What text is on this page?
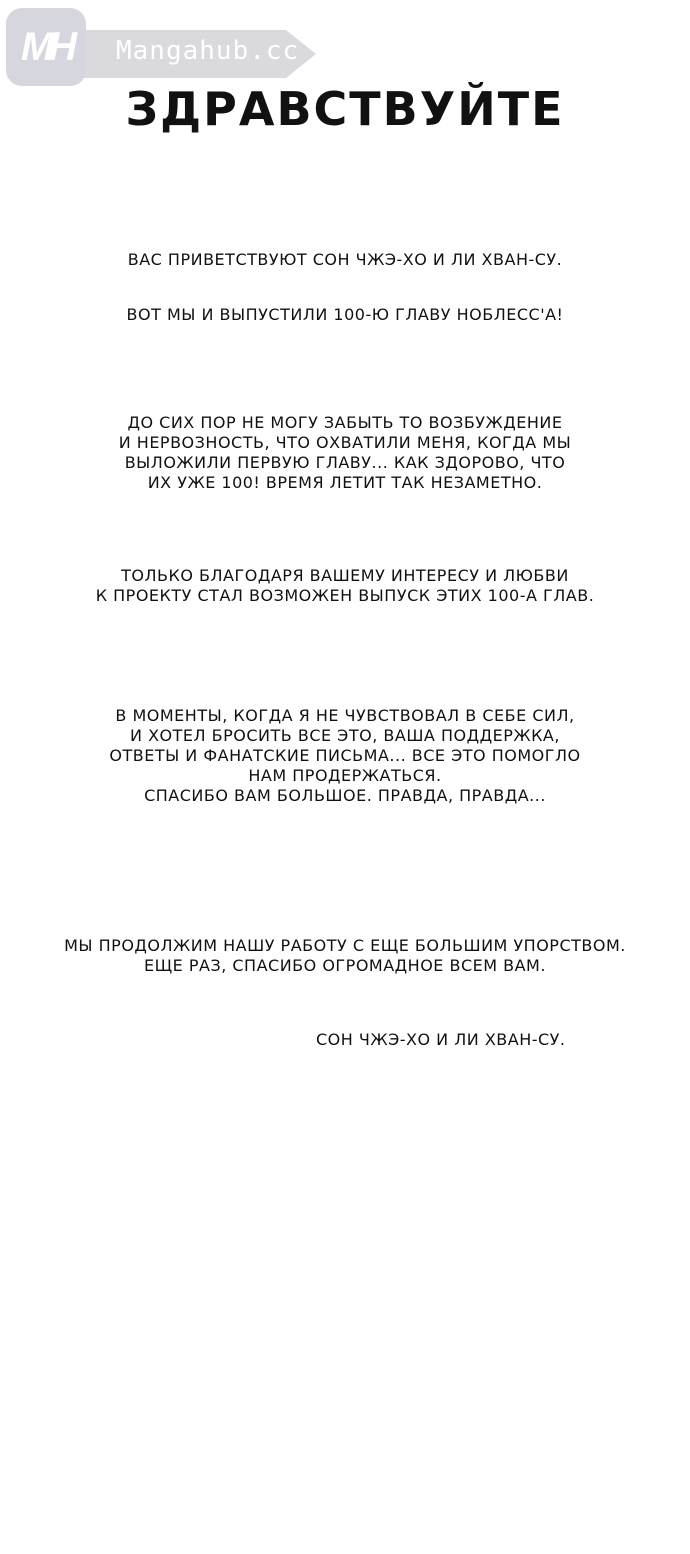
MH Mangahub.cc
ЗДРАВСТВУЙТЕ
ВАС ПРИВЕТСТВУЮТ СОН ЧЖЭ-ХО И ЛИ ХВАН-СУ.
ВОТ МЫ И ВЫПУСТИЛИ 100-Ю ГЛАВУ НОБЛЕСС'А!
ДО СИХ ПОР НЕ МОГУ ЗАБЫТЬ ТО ВОЗБУЖДЕНИЕ
И НЕРВОЗНОСТЬ, ЧТО ОХВАТИЛИ МЕНЯ, КОГДА МЫ
ВЫЛОЖИЛИ ПЕРВУЮ ГЛАВУ... КАК ЗДОРОВО, ЧТО
ИХ УЖЕ 100! ВРЕМЯ ЛЕТИТ ТАК НЕЗАМЕТНО.
ТОЛЬКО БЛАГОДАРЯ ВАШЕМУ ИНТЕРЕСУ И ЛЮБВИ
К ПРОЕКТУ СТАЛ ВОЗМОЖЕН ВЫПУСК ЭТИХ 100-А ГЛАВ.
В МОМЕНТЫ, КОГДА Я НЕ ЧУВСТВОВАЛ В СЕБЕ СИЛ,
И ХОТЕЛ БРОСИТЬ ВСЕ ЭТО, ВАША ПОДДЕРЖКА,
ОТВЕТЫ И ФАНАТСКИЕ ПИСЬМА... ВСЕ ЭТО ПОМОГЛО
НАМ ПРОДЕРЖАТЬСЯ.
СПАСИБО ВАМ БОЛЬШОЕ. ПРАВДА, ПРАВДА...
МЫ ПРОДОЛЖИМ НАШУ РАБОТУ С ЕЩЕ БОЛЬШИМ УПОРСТВОМ.
ЕЩЕ РАЗ, СПАСИБО ОГРОМАДНОЕ ВСЕМ ВАМ.
СОН ЧЖЭ-ХО И ЛИ ХВАН-СУ.
